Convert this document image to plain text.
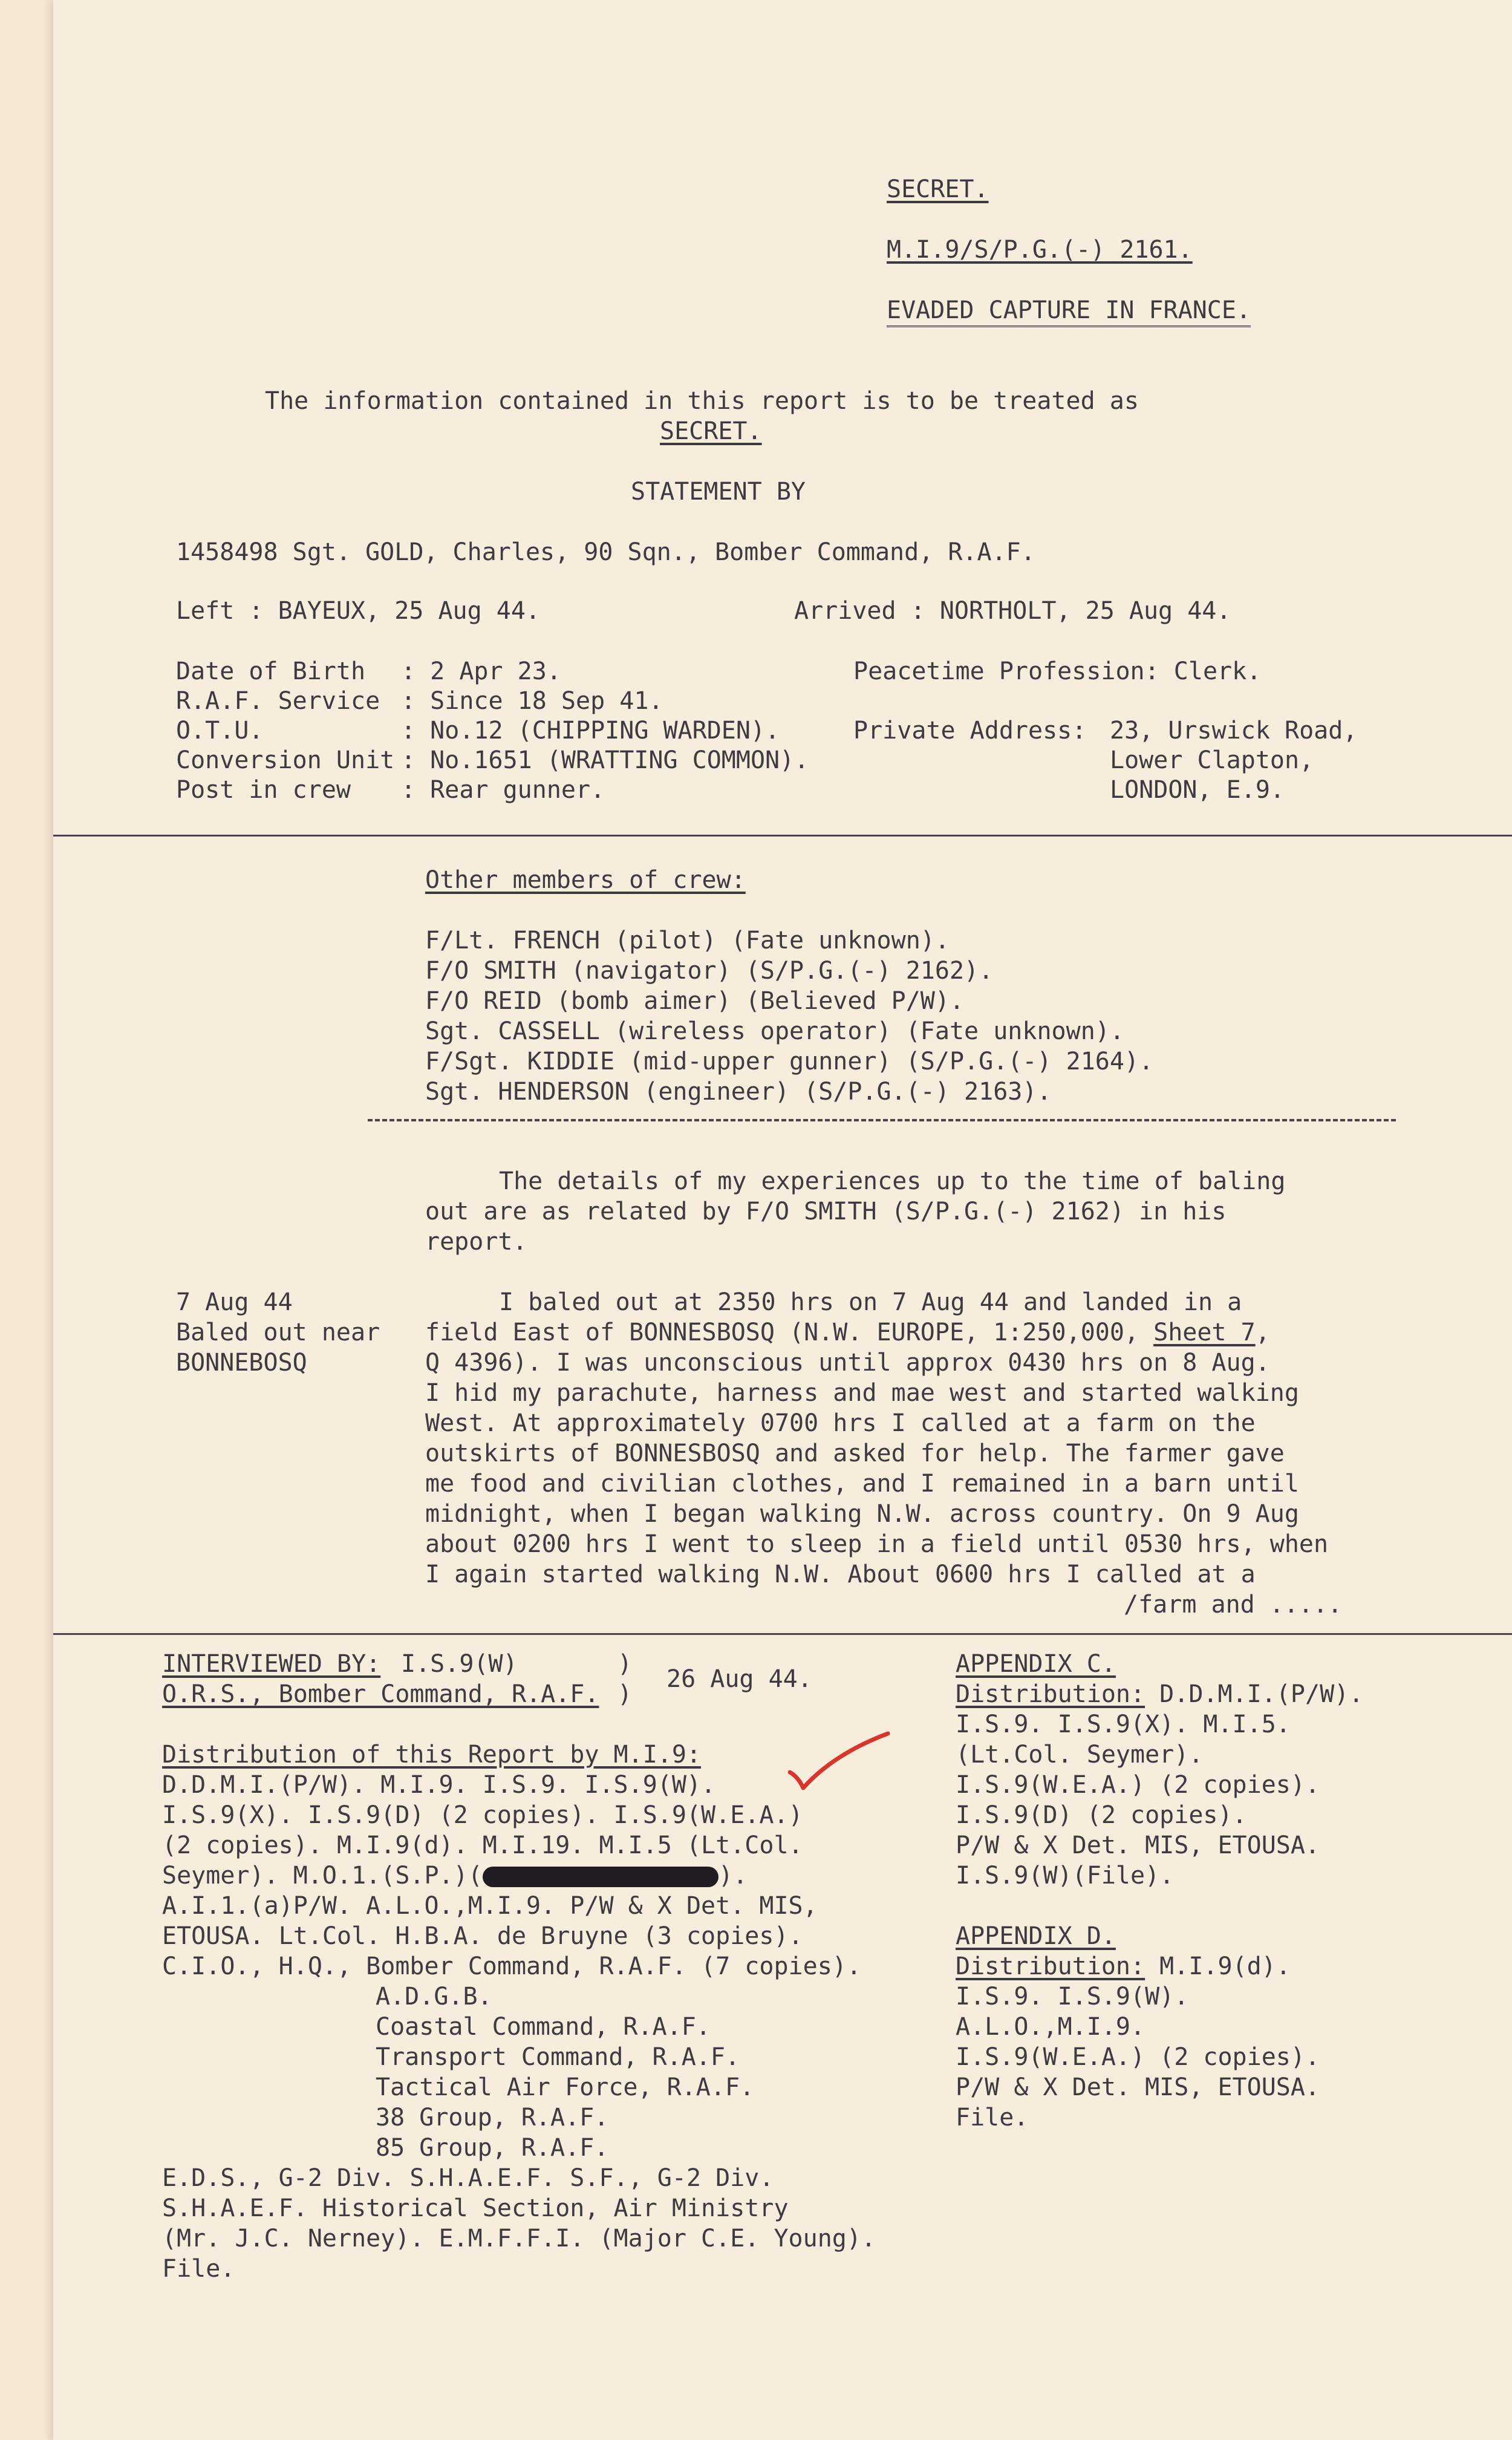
SECRET.
M.I.9/S/P.G.(-) 2161.
EVADED CAPTURE IN FRANCE.
The information contained in this report is to be treated as
SECRET.
STATEMENT BY
1458498 Sgt. GOLD, Charles, 90 Sqn., Bomber Command, R.A.F.
Left : BAYEUX, 25 Aug 44.	Arrived : NORTHOLT, 25 Aug 44.
Date of Birth : 2 Apr 23.
R.A.F. Service : Since 18 Sep 41.
O.T.U.	: No.12 (CHIPPING WARDEN).
Conversion Unit : No.1651 (WRATTING COMMON).
Post in crew : Rear gunner.
Peacetime Profession: Clerk.
Private Address: 23, Urswick Road,
Lower Clapton,
LONDON, E.9.
Other members of crew:
F/Lt. FRENCH (pilot) (Fate unknown).
F/O SMITH (navigator) (S/P.G.(-) 2162).
F/O REID (bomb aimer) (Believed P/W).
Sgt. CASSELL (wireless operator) (Fate unknown).
F/Sgt. KIDDIE (mid-upper gunner) (S/P.G.(-) 2164).
Sgt. HENDERSON (engineer) (S/P.G.(-) 2163).
The details of my experiences up to the time of baling
out are as related by F/O SMITH (S/P.G.(-) 2162) in his
report.
7 Aug 44
Baled out near
BONNEBOSQ
I baled out at 2350 hrs on 7 Aug 44 and landed in a
field East of BONNESBOSQ (N.W. EUROPE, 1:250,000, Sheet 7,
Q 4396). I was unconscious until approx 0430 hrs on 8 Aug.
I hid my parachute, harness and mae west and started walking
West. At approximately 0700 hrs I called at a farm on the
outskirts of BONNESBOSQ and asked for help. The farmer gave
me food and civilian clothes, and I remained in a barn until
midnight, when I began walking N.W. across country. On 9 Aug
about 0200 hrs I went to sleep in a field until 0530 hrs, when
I again started walking N.W. About 0600 hrs I called at a
/farm and .....
INTERVIEWED BY: I.S.9(W)
O.R.S., Bomber Command, R.A.F.
)
)
26 Aug 44.
Distribution of this Report by M.I.9:
D.D.M.I.(P/W). M.I.9. I.S.9. I.S.9(W).
I.S.9(X). I.S.9(D) (2 copies). I.S.9(W.E.A.)
(2 copies). M.I.9(d). M.I.19. M.I.5 (Lt.Col.
Seymer). M.O.1.(S.P.)(	).
A.I.1.(a)P/W. A.L.O.,M.I.9. P/W & X Det. MIS,
ETOUSA. Lt.Col. H.B.A. de Bruyne (3 copies).
C.I.O., H.Q., Bomber Command, R.A.F. (7 copies).
A.D.G.B.
Coastal Command, R.A.F.
Transport Command, R.A.F.
Tactical Air Force, R.A.F.
38 Group, R.A.F.
85 Group, R.A.F.
E.D.S., G-2 Div. S.H.A.E.F. S.F., G-2 Div.
S.H.A.E.F. Historical Section, Air Ministry
(Mr. J.C. Nerney). E.M.F.F.I. (Major C.E. Young).
File.
APPENDIX C.
Distribution: D.D.M.I.(P/W).
I.S.9. I.S.9(X). M.I.5.
(Lt.Col. Seymer).
I.S.9(W.E.A.) (2 copies).
I.S.9(D) (2 copies).
P/W & X Det. MIS, ETOUSA.
I.S.9(W)(File).
APPENDIX D.
Distribution: M.I.9(d).
I.S.9. I.S.9(W).
A.L.O.,M.I.9.
I.S.9(W.E.A.) (2 copies).
P/W & X Det. MIS, ETOUSA.
File.
